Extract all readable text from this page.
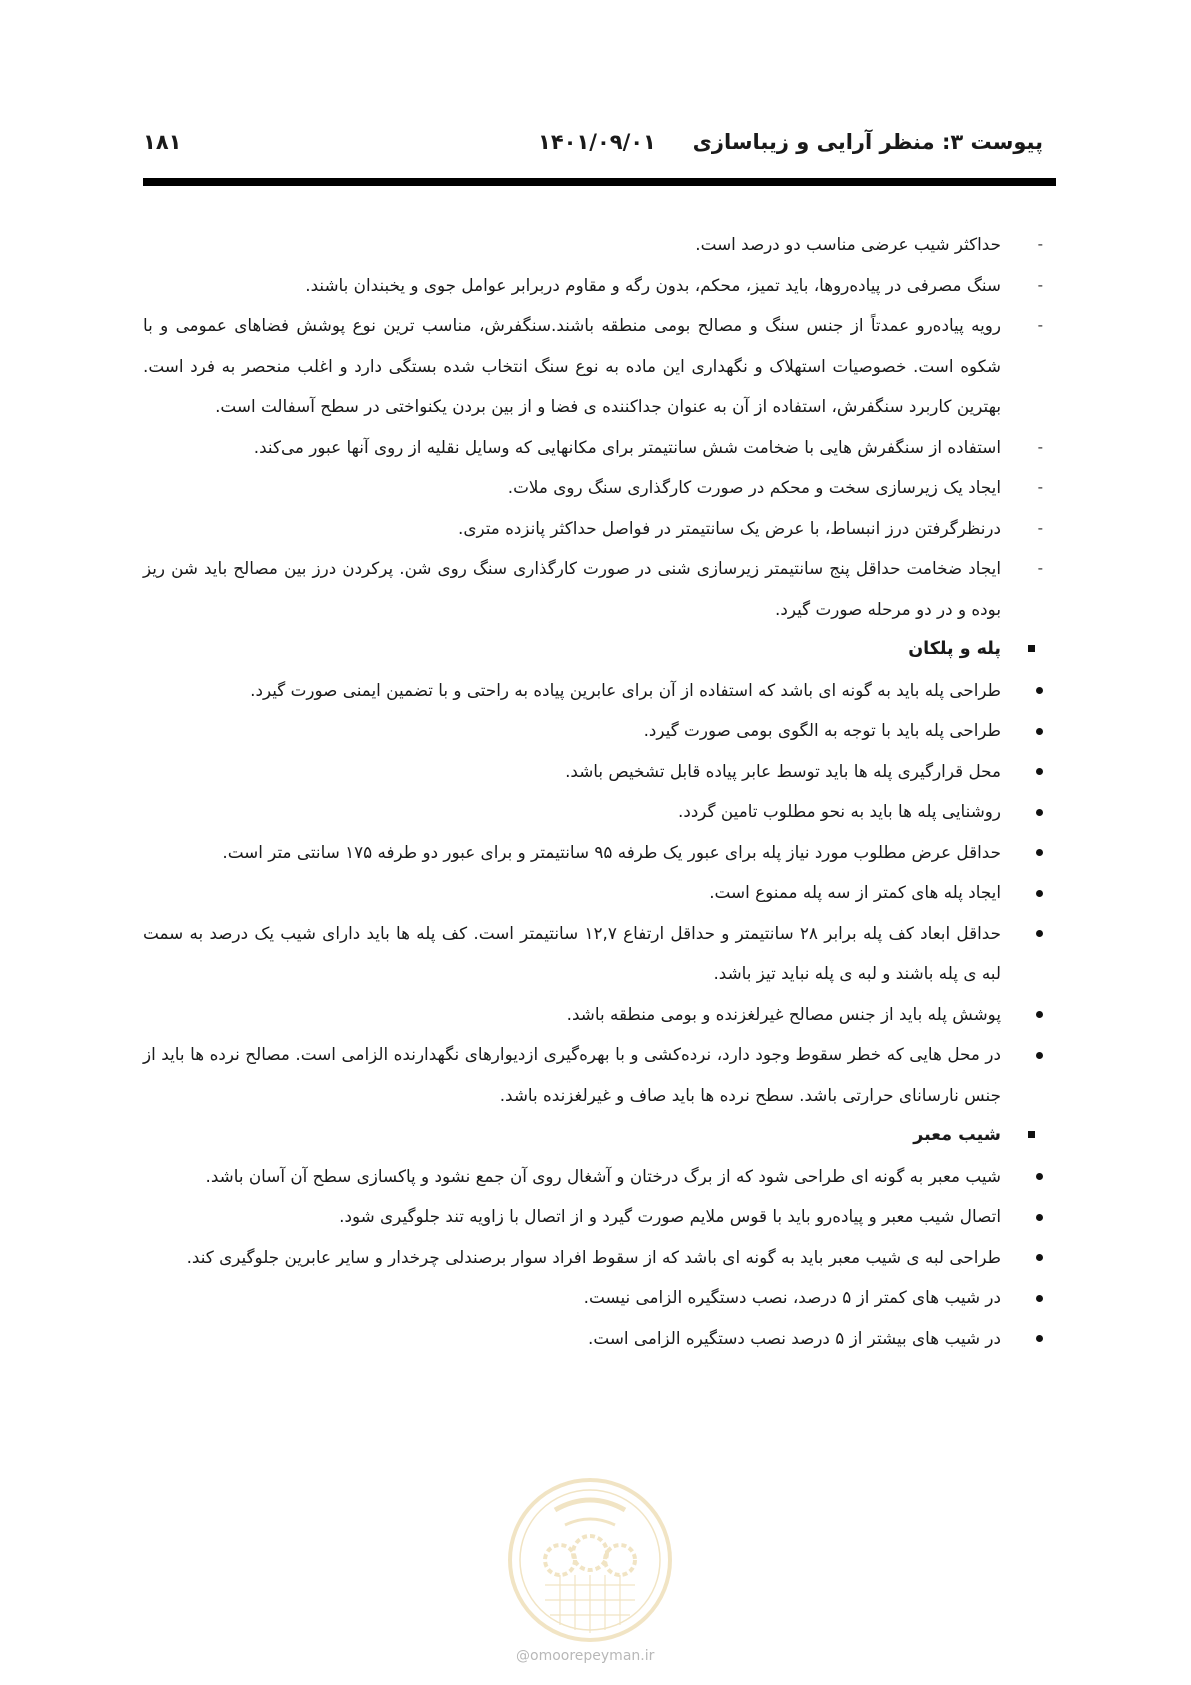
پیوست ۳: منظر آرایی و زیباسازی
۱۴۰۱/۰۹/۰۱
۱۸۱
-
حداکثر شیب عرضی مناسب دو درصد است.
-
سنگ مصرفی در پیاده‌روها، باید تمیز، محکم، بدون رگه و مقاوم دربرابر عوامل جوی و یخبندان باشند.
-
رویه پیاده‌رو عمدتاً از جنس سنگ و مصالح بومی منطقه باشند.سنگفرش، مناسب ترین نوع پوشش فضاهای عمومی و با شکوه است. خصوصیات استهلاک و نگهداری این ماده به نوع سنگ انتخاب شده بستگی دارد و اغلب منحصر به فرد است. بهترین کاربرد سنگفرش، استفاده از آن به عنوان جداکننده ی فضا و از بین بردن یکنواختی در سطح آسفالت است.
-
استفاده از سنگفرش هایی با ضخامت شش سانتیمتر برای مکانهایی که وسایل نقلیه از روی آنها عبور می‌کند.
-
ایجاد یک زیرسازی سخت و محکم در صورت کارگذاری سنگ روی ملات.
-
درنظرگرفتن درز انبساط، با عرض یک سانتیمتر در فواصل حداکثر پانزده متری.
-
ایجاد ضخامت حداقل پنج سانتیمتر زیرسازی شنی در صورت کارگذاری سنگ روی شن. پرکردن درز بین مصالح باید شن ریز بوده و در دو مرحله صورت گیرد.
پله و پلکان
طراحی پله باید به گونه ای باشد که استفاده از آن برای عابرین پیاده به راحتی و با تضمین ایمنی صورت گیرد.
طراحی پله باید با توجه به الگوی بومی صورت گیرد.
محل قرارگیری پله ها باید توسط عابر پیاده قابل تشخیص باشد.
روشنایی پله ها باید به نحو مطلوب تامین گردد.
حداقل عرض مطلوب مورد نیاز پله برای عبور یک طرفه ۹۵ سانتیمتر و برای عبور دو طرفه ۱۷۵ سانتی متر است.
ایجاد پله های کمتر از سه پله ممنوع است.
حداقل ابعاد کف پله برابر ۲۸ سانتیمتر و حداقل ارتفاع ۱۲,۷ سانتیمتر است. کف پله ها باید دارای شیب یک درصد به سمت لبه ی پله باشند و لبه ی پله نباید تیز باشد.
پوشش پله باید از جنس مصالح غیرلغزنده و بومی منطقه باشد.
در محل هایی که خطر سقوط وجود دارد، نرده‌کشی و با بهره‌گیری ازدیوارهای نگهدارنده الزامی است. مصالح نرده ها باید از جنس نارسانای حرارتی باشد. سطح نرده ها باید صاف و غیرلغزنده باشد.
شیب معبر
شیب معبر به گونه ای طراحی شود که از برگ درختان و آشغال روی آن جمع نشود و پاکسازی سطح آن آسان باشد.
اتصال شیب معبر و پیاده‌رو باید با قوس ملایم صورت گیرد و از اتصال با زاویه تند جلوگیری شود.
طراحی لبه ی شیب معبر باید به گونه ای باشد که از سقوط افراد سوار برصندلی چرخدار و سایر عابرین جلوگیری کند.
در شیب های کمتر از ۵ درصد، نصب دستگیره الزامی نیست.
در شیب های بیشتر از ۵ درصد نصب دستگیره الزامی است.
@omoorepeyman.ir
